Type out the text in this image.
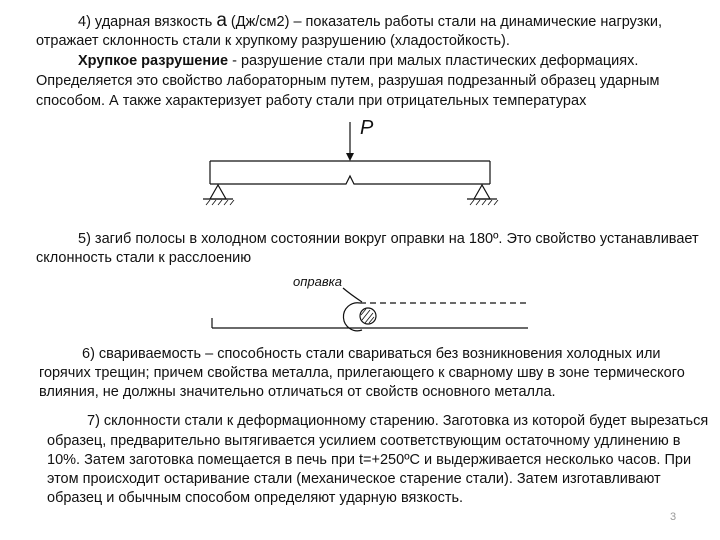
4) ударная вязкость a (Дж/см2) – показатель работы стали на динамические нагрузки,

отражает склонность стали к хрупкому разрушению (хладостойкость).

Хрупкое разрушение - разрушение стали при малых пластических деформациях.

Определяется это свойство лабораторным путем, разрушая подрезанный образец ударным

способом. А также характеризует работу стали при отрицательных температурах

P
оправка

5) загиб полосы в холодном состоянии вокруг оправки на 180º. Это свойство устанавливает

склонность стали к расслоению

6) свариваемость – способность стали свариваться без возникновения холодных или

горячих трещин; причем свойства металла, прилегающего к сварному шву в зоне термического

влияния, не должны значительно отличаться от свойств основного металла.

7) склонности стали к деформационному старению. Заготовка из которой будет вырезаться

образец, предварительно вытягивается усилием соответствующим остаточному удлинению в

10%. Затем заготовка помещается в печь при t=+250ºC и выдерживается несколько часов. При

этом происходит остаривание стали (механическое старение стали). Затем изготавливают

образец и обычным способом определяют ударную вязкость.

3
